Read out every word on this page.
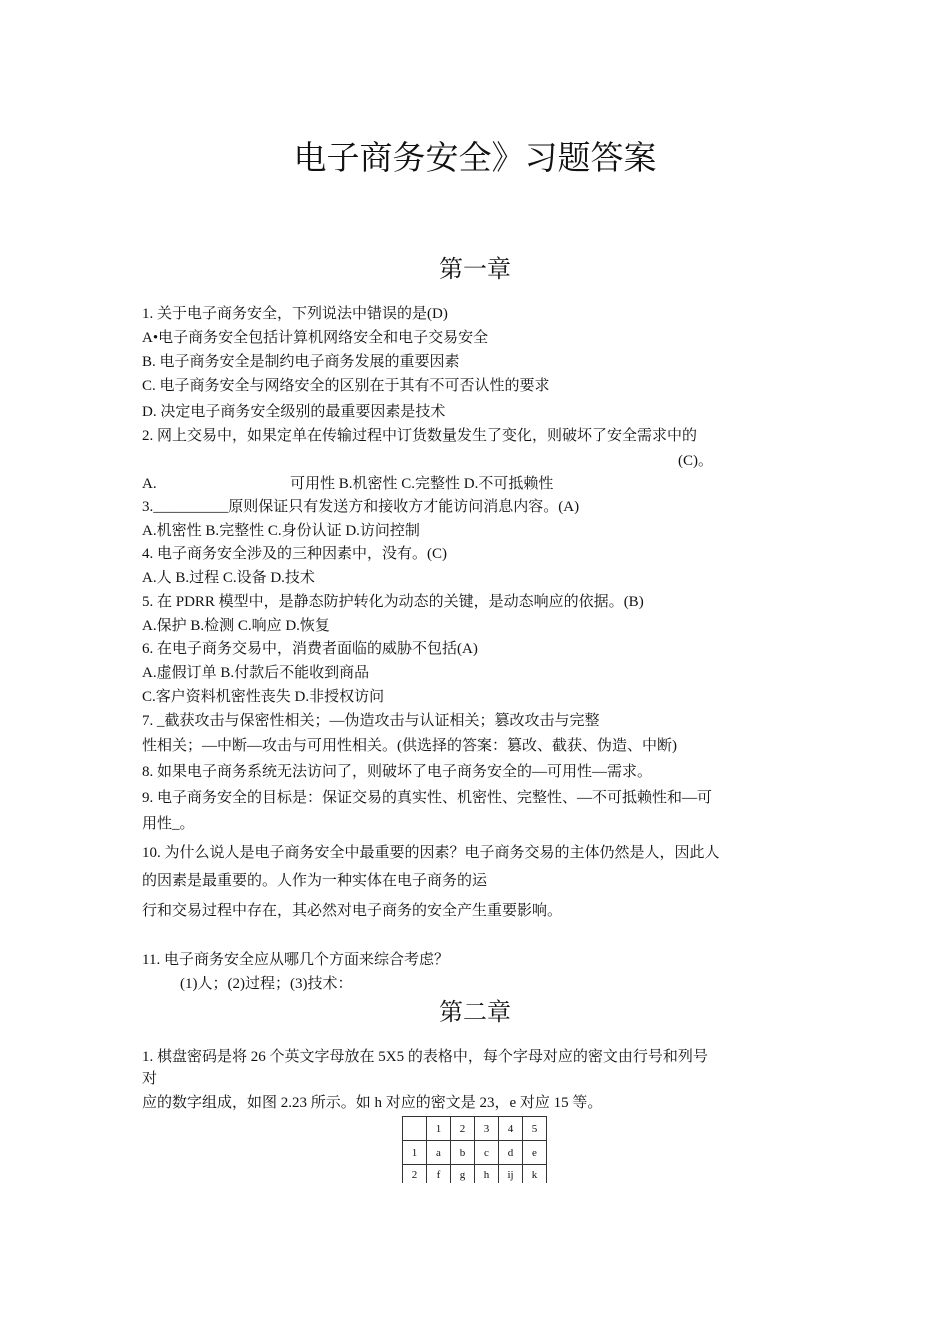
电子商务安全》习题答案
第一章
1. 关于电子商务安全，下列说法中错误的是(D)
A•电子商务安全包括计算机网络安全和电子交易安全
B. 电子商务安全是制约电子商务发展的重要因素
C. 电子商务安全与网络安全的区别在于其有不可否认性的要求
D. 决定电子商务安全级别的最重要因素是技术
2. 网上交易中，如果定单在传输过程中订货数量发生了变化，则破坏了安全需求中的
(C)。
A.	可用性 B.机密性 C.完整性 D.不可抵赖性
3.__________原则保证只有发送方和接收方才能访问消息内容。(A)
A.机密性 B.完整性 C.身份认证 D.访问控制
4. 电子商务安全涉及的三种因素中，没有。(C)
A.人 B.过程 C.设备 D.技术
5. 在 PDRR 模型中，是静态防护转化为动态的关键，是动态响应的依据。(B)
A.保护 B.检测 C.响应 D.恢复
6. 在电子商务交易中，消费者面临的威胁不包括(A)
A.虚假订单 B.付款后不能收到商品
C.客户资料机密性丧失 D.非授权访问
7. _截获攻击与保密性相关；—伪造攻击与认证相关；篡改攻击与完整
性相关；—中断—攻击与可用性相关。(供选择的答案：篡改、截获、伪造、中断)
8. 如果电子商务系统无法访问了，则破坏了电子商务安全的—可用性—需求。
9. 电子商务安全的目标是：保证交易的真实性、机密性、完整性、—不可抵赖性和—可
用性_。
10. 为什么说人是电子商务安全中最重要的因素？电子商务交易的主体仍然是人，因此人
的因素是最重要的。人作为一种实体在电子商务的运
行和交易过程中存在，其必然对电子商务的安全产生重要影响。
11. 电子商务安全应从哪几个方面来综合考虑？
(1)人；(2)过程；(3)技术：
第二章
1. 棋盘密码是将 26 个英文字母放在 5X5 的表格中，每个字母对应的密文由行号和列号
对
应的数字组成，如图 2.23 所示。如 h 对应的密文是 23，e 对应 15 等。
	1	2	3	4	5
1	a	b	c	d	e
2	f	g	h	ij	k
